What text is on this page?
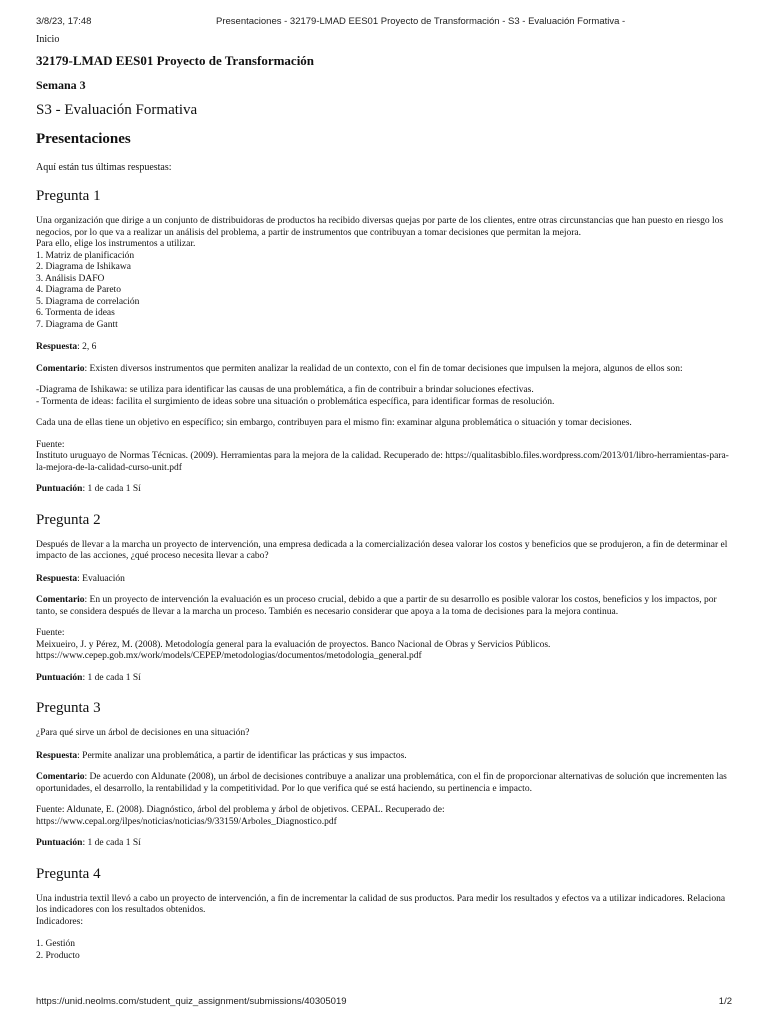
3/8/23, 17:48	Presentaciones - 32179-LMAD EES01 Proyecto de Transformación - S3 - Evaluación Formativa -
Inicio
32179-LMAD EES01 Proyecto de Transformación
Semana 3
S3 - Evaluación Formativa
Presentaciones
Aquí están tus últimas respuestas:
Pregunta 1
Una organización que dirige a un conjunto de distribuidoras de productos ha recibido diversas quejas por parte de los clientes, entre otras circunstancias que han puesto en riesgo los negocios, por lo que va a realizar un análisis del problema, a partir de instrumentos que contribuyan a tomar decisiones que permitan la mejora.
Para ello, elige los instrumentos a utilizar.
1. Matriz de planificación
2. Diagrama de Ishikawa
3. Análisis DAFO
4. Diagrama de Pareto
5. Diagrama de correlación
6. Tormenta de ideas
7. Diagrama de Gantt
Respuesta: 2, 6
Comentario: Existen diversos instrumentos que permiten analizar la realidad de un contexto, con el fin de tomar decisiones que impulsen la mejora, algunos de ellos son:
-Diagrama de Ishikawa: se utiliza para identificar las causas de una problemática, a fin de contribuir a brindar soluciones efectivas.
- Tormenta de ideas: facilita el surgimiento de ideas sobre una situación o problemática específica, para identificar formas de resolución.
Cada una de ellas tiene un objetivo en específico; sin embargo, contribuyen para el mismo fin: examinar alguna problemática o situación y tomar decisiones.
Fuente:
Instituto uruguayo de Normas Técnicas. (2009). Herramientas para la mejora de la calidad. Recuperado de: https://qualitasbiblo.files.wordpress.com/2013/01/libro-herramientas-para-la-mejora-de-la-calidad-curso-unit.pdf
Puntuación: 1 de cada 1 Sí
Pregunta 2
Después de llevar a la marcha un proyecto de intervención, una empresa dedicada a la comercialización desea valorar los costos y beneficios que se produjeron, a fin de determinar el impacto de las acciones, ¿qué proceso necesita llevar a cabo?
Respuesta: Evaluación
Comentario: En un proyecto de intervención la evaluación es un proceso crucial, debido a que a partir de su desarrollo es posible valorar los costos, beneficios y los impactos, por tanto, se considera después de llevar a la marcha un proceso. También es necesario considerar que apoya a la toma de decisiones para la mejora continua.
Fuente:
Meixueiro, J. y Pérez, M. (2008). Metodología general para la evaluación de proyectos. Banco Nacional de Obras y Servicios Públicos.
https://www.cepep.gob.mx/work/models/CEPEP/metodologias/documentos/metodologia_general.pdf
Puntuación: 1 de cada 1 Sí
Pregunta 3
¿Para qué sirve un árbol de decisiones en una situación?
Respuesta: Permite analizar una problemática, a partir de identificar las prácticas y sus impactos.
Comentario: De acuerdo con Aldunate (2008), un árbol de decisiones contribuye a analizar una problemática, con el fin de proporcionar alternativas de solución que incrementen las oportunidades, el desarrollo, la rentabilidad y la competitividad. Por lo que verifica qué se está haciendo, su pertinencia e impacto.
Fuente: Aldunate, E. (2008). Diagnóstico, árbol del problema y árbol de objetivos. CEPAL. Recuperado de:
https://www.cepal.org/ilpes/noticias/noticias/9/33159/Arboles_Diagnostico.pdf
Puntuación: 1 de cada 1 Sí
Pregunta 4
Una industria textil llevó a cabo un proyecto de intervención, a fin de incrementar la calidad de sus productos. Para medir los resultados y efectos va a utilizar indicadores. Relaciona los indicadores con los resultados obtenidos.
Indicadores:
1. Gestión
2. Producto
https://unid.neolms.com/student_quiz_assignment/submissions/40305019	1/2
